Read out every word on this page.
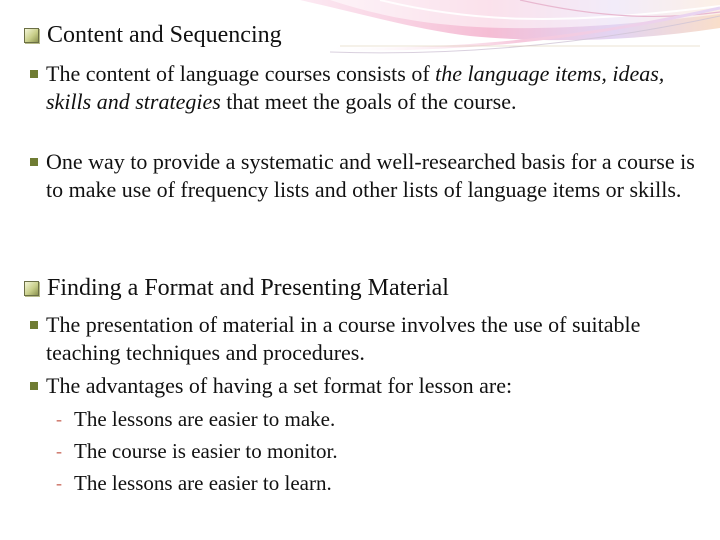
Content and Sequencing
The content of language courses consists of the language items, ideas, skills and strategies that meet the goals of the course.
One way to provide a systematic and well-researched basis for a course is to make use of frequency lists and other lists of language items or skills.
Finding a Format and Presenting Material
The presentation of material in a course involves the use of suitable teaching techniques and procedures.
The advantages of having a set format for lesson are:
- The lessons are easier to make.
- The course is easier to monitor.
- The lessons are easier to learn.
